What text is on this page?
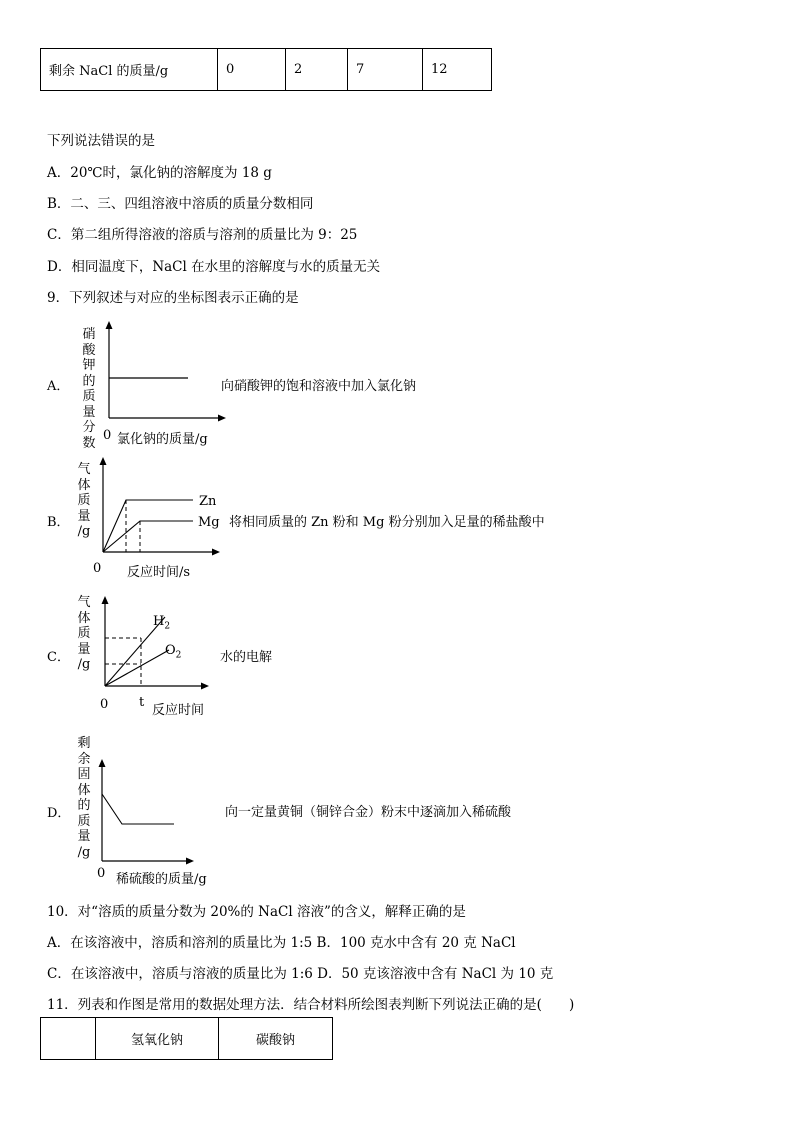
剩余 NaCl 的质量/g	0	2	7	12
下列说法错误的是
A．20℃时，氯化钠的溶解度为 18 g
B．二、三、四组溶液中溶质的质量分数相同
C．第二组所得溶液的溶质与溶剂的质量比为 9：25
D．相同温度下，NaCl 在水里的溶解度与水的质量无关
9．下列叙述与对应的坐标图表示正确的是
A．
硝
酸
钾
的
质
量
分
数 0 氯化钠的质量/g
向硝酸钾的饱和溶液中加入氯化钠
B．
气
体
质
量
/g
Zn
Mg
0 反应时间/s
将相同质量的 Zn 粉和 Mg 粉分别加入足量的稀盐酸中
C．
气
体
质
量
/g
$H_2$
$O_2$
0 t
反应时间
水的电解
D．
剩
余
固
体
的
质
量
/g
0 稀硫酸的质量/g
向一定量黄铜（铜锌合金）粉末中逐滴加入稀硫酸
10．对“溶质的质量分数为 20%的 NaCl 溶液”的含义，解释正确的是
A．在该溶液中，溶质和溶剂的质量比为 1:5 B．100 克水中含有 20 克 NaCl
C．在该溶液中，溶质与溶液的质量比为 1:6 D．50 克该溶液中含有 NaCl 为 10 克
11．列表和作图是常用的数据处理方法．结合材料所绘图表判断下列说法正确的是(　　)
	氢氧化钠	碳酸钠
